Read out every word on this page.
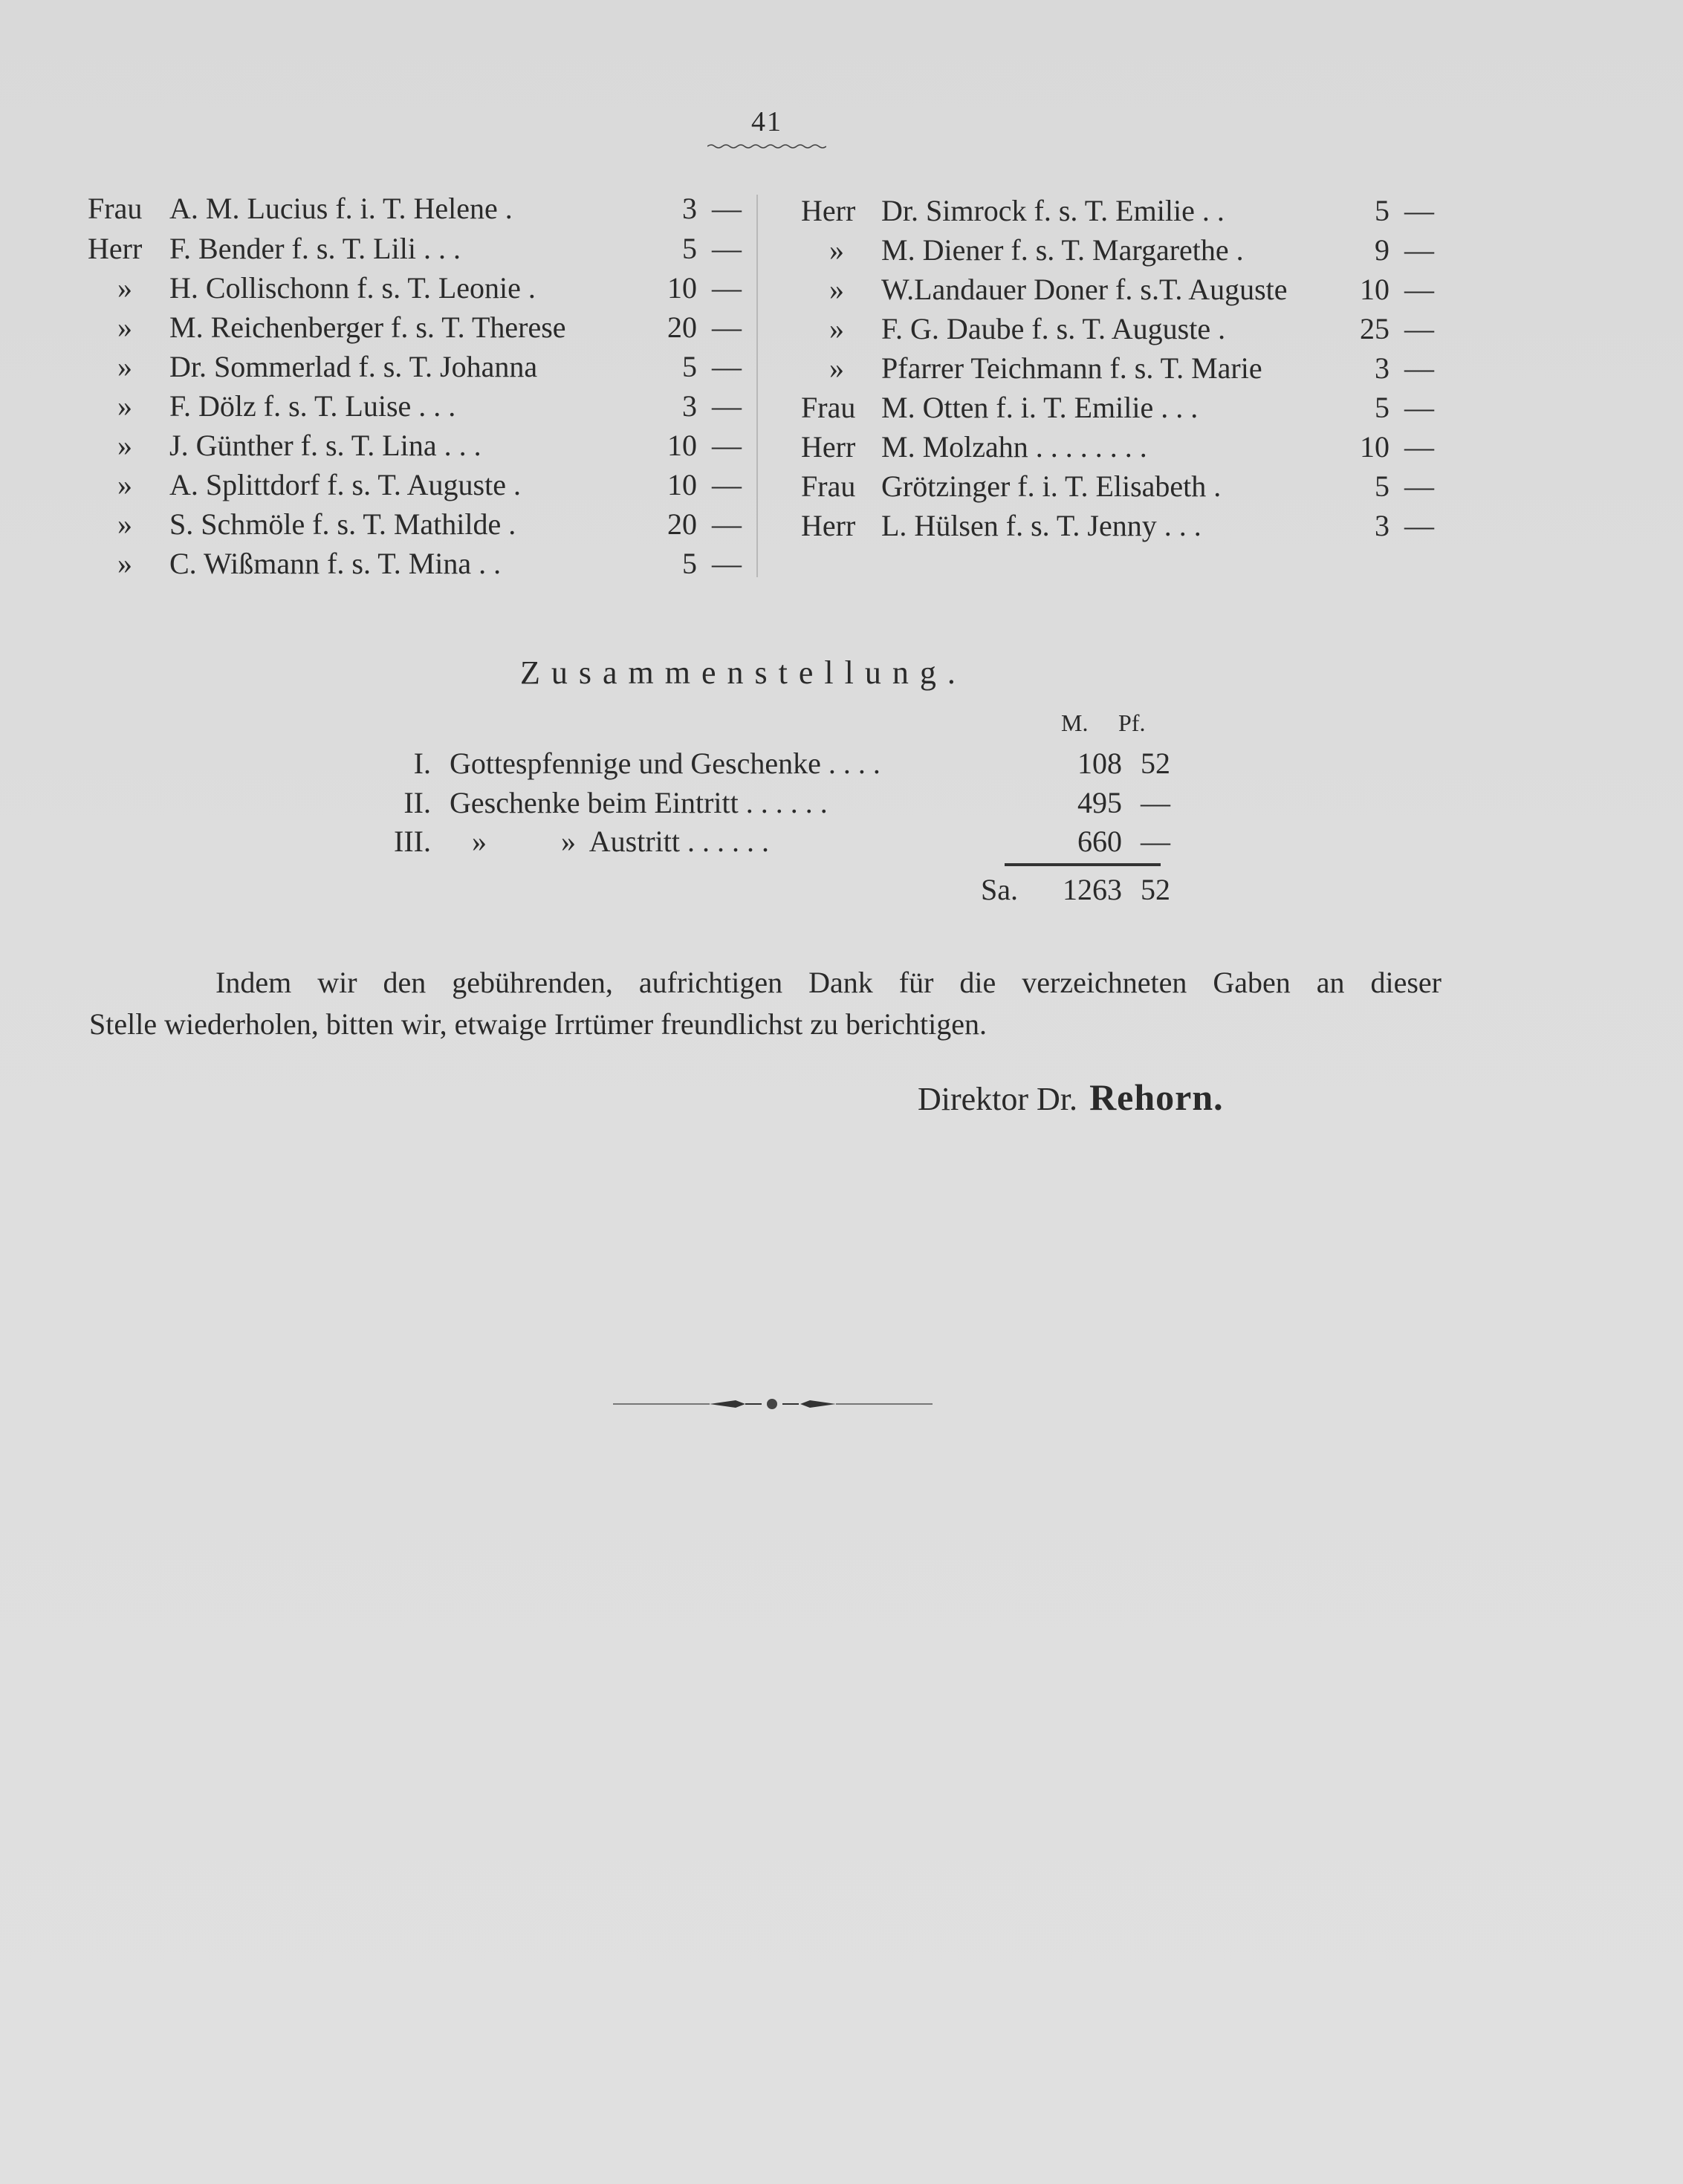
41
Frau A. M. Lucius f. i. T. Helene .	3 —
Herr F. Bender f. s. T. Lili . . .	5 —
»	H. Collischonn f. s. T. Leonie .	10 —
»	M. Reichenberger f. s. T. Therese	20 —
»	Dr. Sommerlad f. s. T. Johanna	5 —
»	F. Dölz f. s. T. Luise . . .	3 —
»	J. Günther f. s. T. Lina . . .	10 —
»	A. Splittdorf f. s. T. Auguste .	10 —
»	S. Schmöle f. s. T. Mathilde .	20 —
»	C. Wißmann f. s. T. Mina . .	5 —
Herr Dr. Simrock f. s. T. Emilie . .	5 —
»	M. Diener f. s. T. Margarethe .	9 —
»	W.Landauer Doner f. s.T. Auguste	10 —
»	F. G. Daube f. s. T. Auguste .	25 —
»	Pfarrer Teichmann f. s. T. Marie	3 —
Frau M. Otten f. i. T. Emilie . . .	5 —
Herr M. Molzahn . . . . . . . .	10 —
Frau Grötzinger f. i. T. Elisabeth .	5 —
Herr L. Hülsen f. s. T. Jenny . . .	3 —
Zusammenstellung.
M. Pf.
I. Gottespfennige und Geschenke . . . .	108 52
II. Geschenke beim Eintritt . . . . . .	495 —
III. »          »  Austritt . . . . . .	660 —
Sa.	1263 52
Indem wir den gebührenden, aufrichtigen Dank für die verzeichneten Gaben an dieser
Stelle wiederholen, bitten wir, etwaige Irrtümer freundlichst zu berichtigen.
Direktor Dr. Rehorn.
